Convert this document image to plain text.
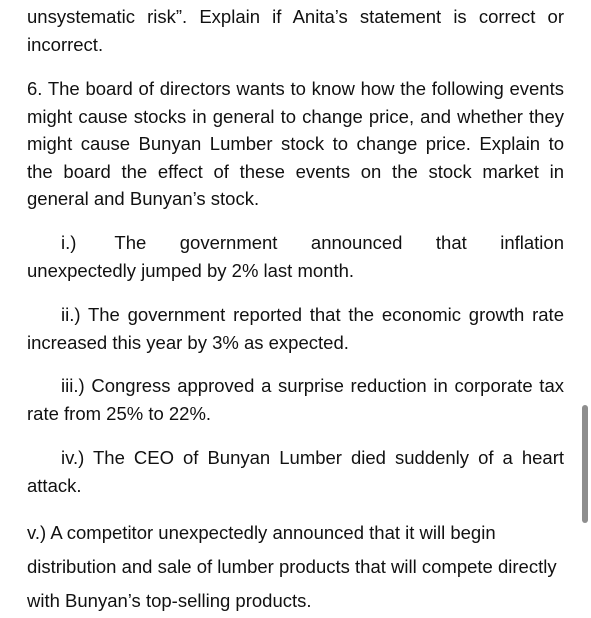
unsystematic risk”. Explain if Anita’s statement is correct or incorrect.

6. The board of directors wants to know how the following events might cause stocks in general to change price, and whether they might cause Bunyan Lumber stock to change price. Explain to the board the effect of these events on the stock market in general and Bunyan’s stock.

i.) The government announced that inflation unexpectedly jumped by 2% last month.

ii.) The government reported that the economic growth rate increased this year by 3% as expected.

iii.) Congress approved a surprise reduction in corporate tax rate from 25% to 22%.

iv.) The CEO of Bunyan Lumber died suddenly of a heart attack.

v.) A competitor unexpectedly announced that it will begin distribution and sale of lumber products that will compete directly with Bunyan’s top-selling products.
